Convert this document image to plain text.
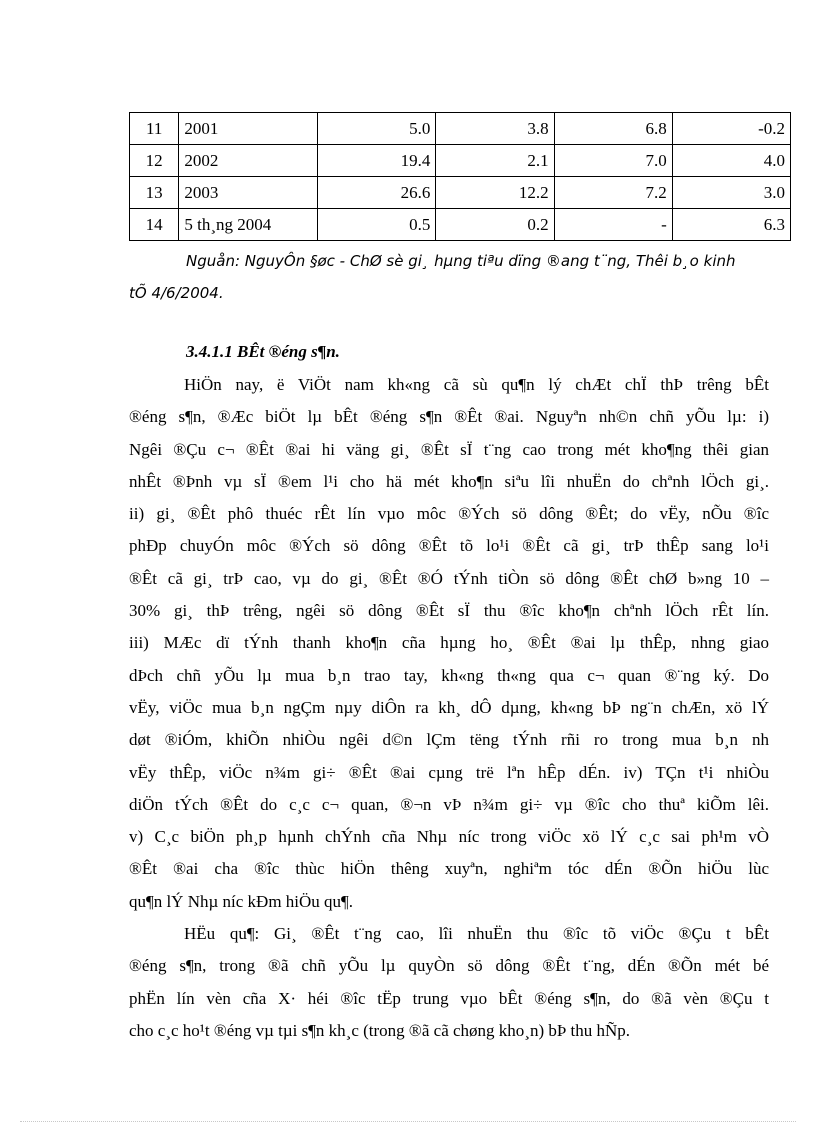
11	2001	5.0	3.8	6.8	-0.2
12	2002	19.4	2.1	7.0	4.0
13	2003	26.6	12.2	7.2	3.0
14	5 th¸ng 2004	0.5	0.2	-	6.3
Nguån: NguyÔn §øc - ChØ sè gi¸ hµng tiªu dïng ®ang t¨ng, Thêi b¸o kinh tÕ 4/6/2004.
3.4.1.1 BÊt ®éng s¶n.
HiÖn nay, ë ViÖt nam kh«ng cã sù qu¶n lý chÆt chÏ thÞ trêng bÊt
®éng s¶n, ®Æc biÖt lµ bÊt ®éng s¶n ®Êt ®ai. Nguyªn nh©n chñ yÕu lµ: i)
Ngêi ®Çu c¬ ®Êt ®ai hi väng gi¸ ®Êt sÏ t¨ng cao trong mét kho¶ng thêi gian
nhÊt ®Þnh vµ sÏ ®em l¹i cho hä mét kho¶n siªu lîi nhuËn do chªnh lÖch gi¸.
ii) gi¸ ®Êt phô thuéc rÊt lín vµo môc ®Ých sö dông ®Êt; do vËy, nÕu ®îc
phÐp chuyÓn môc ®Ých sö dông ®Êt tõ lo¹i ®Êt cã gi¸ trÞ thÊp sang lo¹i
®Êt cã gi¸ trÞ cao, vµ do gi¸ ®Êt ®Ó tÝnh tiÒn sö dông ®Êt chØ b»ng 10 –
30% gi¸ thÞ trêng, ngêi sö dông ®Êt sÏ thu ®îc kho¶n chªnh lÖch rÊt lín.
iii) MÆc dï tÝnh thanh kho¶n cña hµng ho¸ ®Êt ®ai lµ thÊp, nhng giao
dÞch chñ yÕu lµ mua b¸n trao tay, kh«ng th«ng qua c¬ quan ®¨ng ký. Do
vËy, viÖc mua b¸n ngÇm nµy diÔn ra kh¸ dÔ dµng, kh«ng bÞ ng¨n chÆn, xö lÝ
døt ®iÓm, khiÕn nhiÒu ngêi d©n lÇm tëng tÝnh rñi ro trong mua b¸n nh
vËy thÊp, viÖc n¾m gi÷ ®Êt ®ai cµng trë lªn hÊp dÉn. iv) TÇn t¹i nhiÒu
diÖn tÝch ®Êt do c¸c c¬ quan, ®¬n vÞ n¾m gi÷ vµ ®îc cho thuª kiÕm lêi.
v) C¸c biÖn ph¸p hµnh chÝnh cña Nhµ níc trong viÖc xö lÝ c¸c sai ph¹m vÒ
®Êt ®ai cha ®îc thùc hiÖn thêng xuyªn, nghiªm tóc dÉn ®Õn hiÖu lùc
qu¶n lÝ Nhµ níc kÐm hiÖu qu¶.
HËu qu¶: Gi¸ ®Êt t¨ng cao, lîi nhuËn thu ®îc tõ viÖc ®Çu t bÊt
®éng s¶n, trong ®ã chñ yÕu lµ quyÒn sö dông ®Êt t¨ng, dÉn ®Õn mét bé
phËn lín vèn cña X· héi ®îc tËp trung vµo bÊt ®éng s¶n, do ®ã vèn ®Çu t
cho c¸c ho¹t ®éng vµ tµi s¶n kh¸c (trong ®ã cã chøng kho¸n) bÞ thu hÑp.
